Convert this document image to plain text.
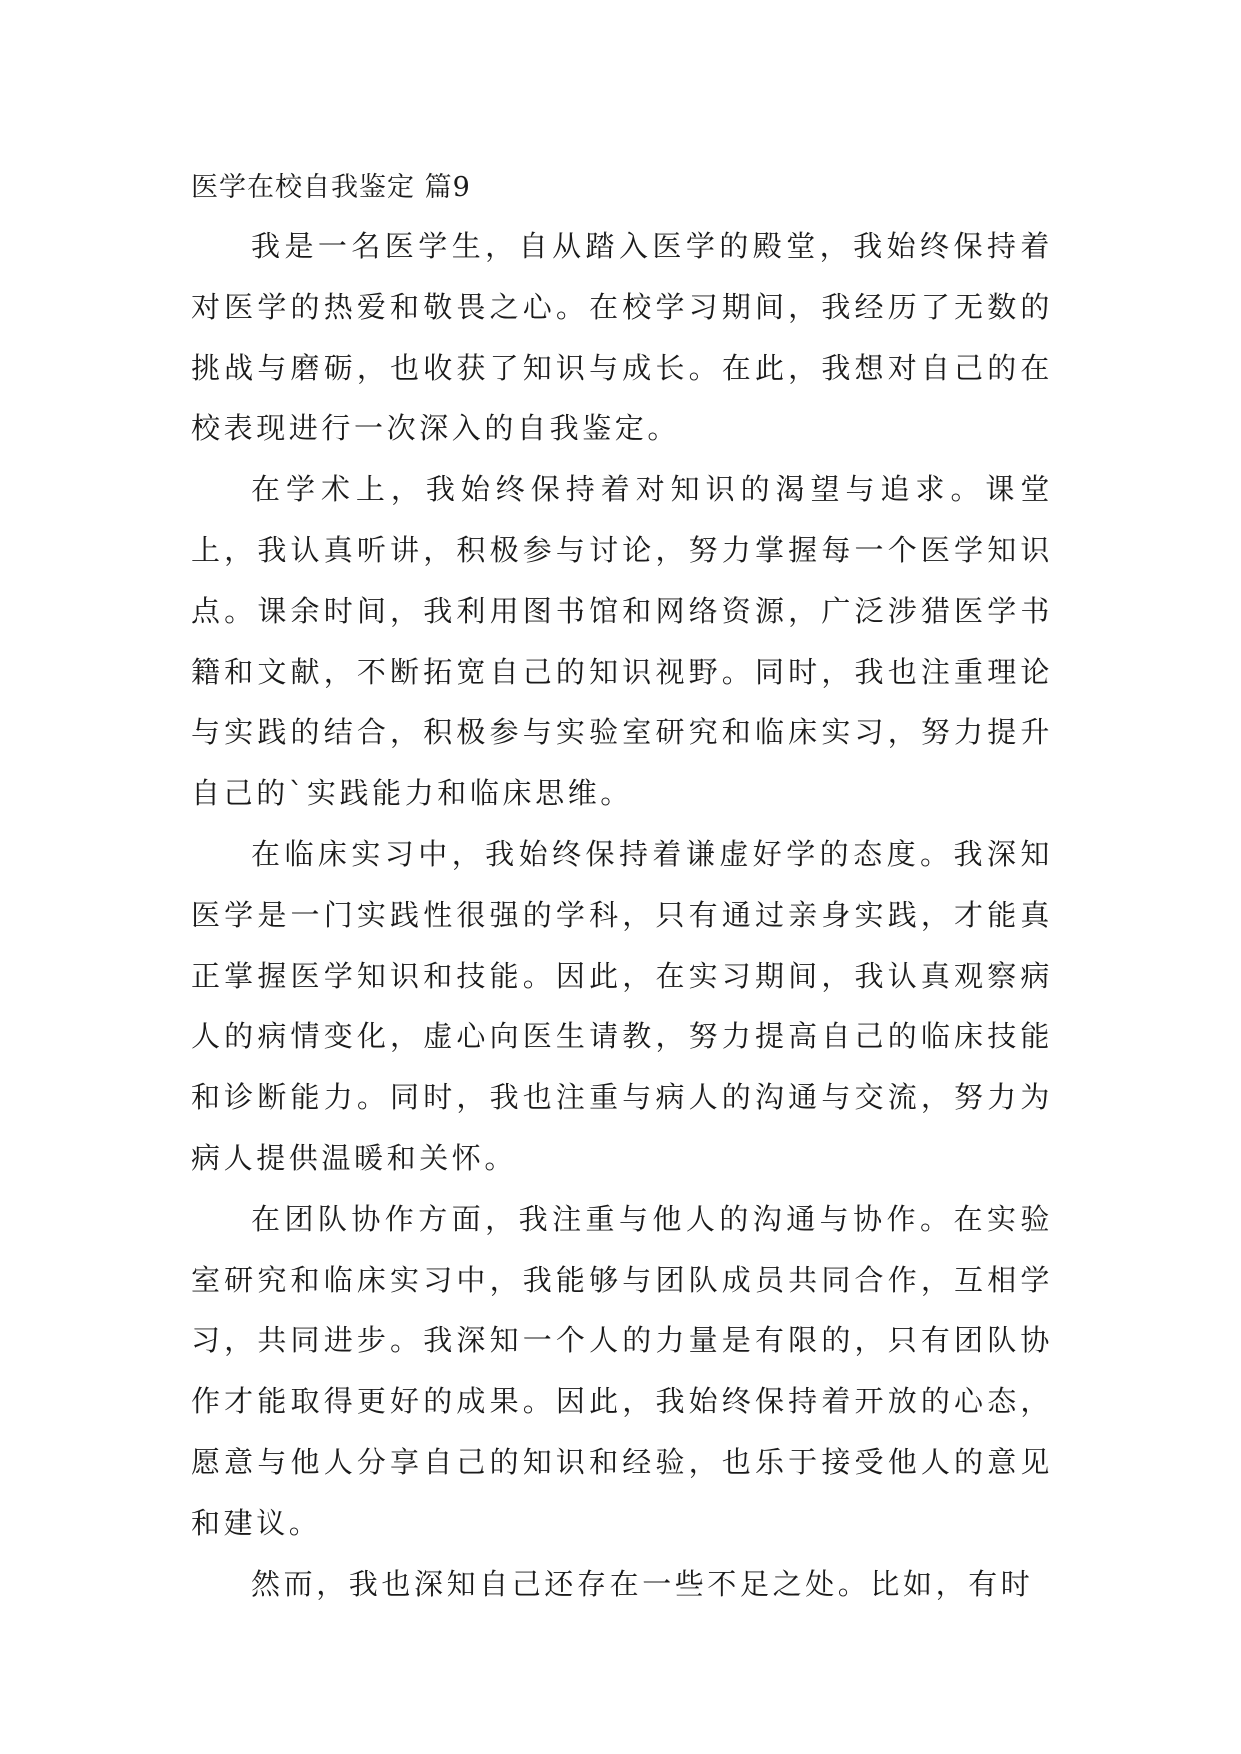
医学在校自我鉴定 篇9

我是一名医学生，自从踏入医学的殿堂，我始终保持着对医学的热爱和敬畏之心。在校学习期间，我经历了无数的挑战与磨砺，也收获了知识与成长。在此，我想对自己的在校表现进行一次深入的自我鉴定。

在学术上，我始终保持着对知识的渴望与追求。课堂上，我认真听讲，积极参与讨论，努力掌握每一个医学知识点。课余时间，我利用图书馆和网络资源，广泛涉猎医学书籍和文献，不断拓宽自己的知识视野。同时，我也注重理论与实践的结合，积极参与实验室研究和临床实习，努力提升自己的`实践能力和临床思维。

在临床实习中，我始终保持着谦虚好学的态度。我深知医学是一门实践性很强的学科，只有通过亲身实践，才能真正掌握医学知识和技能。因此，在实习期间，我认真观察病人的病情变化，虚心向医生请教，努力提高自己的临床技能和诊断能力。同时，我也注重与病人的沟通与交流，努力为病人提供温暖和关怀。

在团队协作方面，我注重与他人的沟通与协作。在实验室研究和临床实习中，我能够与团队成员共同合作，互相学习，共同进步。我深知一个人的力量是有限的，只有团队协作才能取得更好的成果。因此，我始终保持着开放的心态，愿意与他人分享自己的知识和经验，也乐于接受他人的意见和建议。

然而，我也深知自己还存在一些不足之处。比如，有时
